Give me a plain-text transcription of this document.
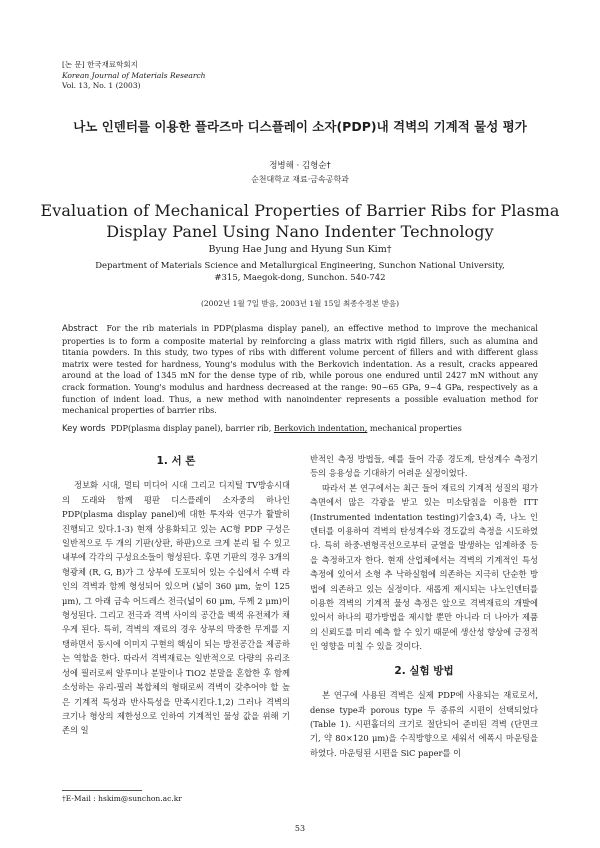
[논 문] 한국재료학회지
Korean Journal of Materials Research
Vol. 13, No. 1 (2003)
나노 인덴터를 이용한 플라즈마 디스플레이 소자(PDP)내 격벽의 기계적 물성 평가
정병해 · 김형순†
순천대학교 재료·금속공학과
Evaluation of Mechanical Properties of Barrier Ribs for Plasma Display Panel Using Nano Indenter Technology
Byung Hae Jung and Hyung Sun Kim†
Department of Materials Science and Metallurgical Engineering, Sunchon National University,
#315, Maegok-dong, Sunchon. 540-742
(2002년 1월 7일 받음, 2003년 1월 15일 최종수정본 받음)
Abstract For the rib materials in PDP(plasma display panel), an effective method to improve the mechanical properties is to form a composite material by reinforcing a glass matrix with rigid fillers, such as alumina and titania powders. In this study, two types of ribs with different volume percent of fillers and with different glass matrix were tested for hardness, Young's modulus with the Berkovich indentation. As a result, cracks appeared around at the load of 1345 mN for the dense type of rib, while porous one endured until 2427 mN without any crack formation. Young's modulus and hardness decreased at the range: 90~65 GPa, 9~4 GPa, respectively as a function of indent load. Thus, a new method with nanoindenter represents a possible evaluation method for mechanical properties of barrier ribs.
Key words PDP(plasma display panel), barrier rib, Berkovich indentation, mechanical properties
1. 서 론

정보화 시대, 멀티 미디어 시대 그리고 디지털 TV방송시대의 도래와 함께 평판 디스플레이 소자중의 하나인 PDP(plasma display panel)에 대한 투자와 연구가 활발히 진행되고 있다.1-3) 현재 상용화되고 있는 AC형 PDP 구성은 일반적으로 두 개의 기판(상판, 하판)으로 크게 분리 될 수 있고 내부에 각각의 구성요소들이 형성된다. 후면 기판의 경우 3개의 형광체 (R, G, B)가 그 상부에 도포되어 있는 수십에서 수백 라인의 격벽과 함께 형성되어 있으며 (넓이 360 μm, 높이 125 μm), 그 아래 금속 어드레스 전극(넓이 60 μm, 두께 2 μm)이 형성된다. 그리고 전극과 격벽 사이의 공간을 백색 유전체가 채우게 된다. 특히, 격벽의 재료의 경우 상부의 막중한 무게를 지탱하면서 동시에 이미지 구현의 핵심이 되는 방전공간을 제공하는 역할을 한다. 따라서 격벽재료는 일반적으로 다량의 유리조성에 필러로써 알루미나 분말이나 TiO2 분말을 혼합한 후 함께 소성하는 유리-필러 복합체의 형태로써 격벽이 갖추어야 할 높은 기계적 특성과 반사특성을 만족시킨다.1,2) 그러나 격벽의 크기나 형상의 제한성으로 인하여 기계적인 물성 값을 위해 기존의 일

반적인 측정 방법들, 예를 들어 각종 경도계, 탄성계수 측정기 등의 응용성을 기대하기 어려운 실정이었다.

따라서 본 연구에서는 최근 들어 재료의 기계적 성질의 평가측면에서 많은 각광을 받고 있는 미소탐침을 이용한 ITT (Instrumented indentation testing)기술3,4) 즉, 나노 인덴터를 이용하여 격벽의 탄성계수와 경도값의 측정을 시도하였다. 특히 하중-변형곡선으로부터 균열을 발생하는 임계하중 등을 측정하고자 한다. 현재 산업체에서는 격벽의 기계적인 특성측정에 있어서 소형 추 낙하실험에 의존하는 지극히 단순한 방법에 의존하고 있는 실정이다. 새롭게 제시되는 나노인덴터를 이용한 격벽의 기계적 물성 측정은 앞으로 격벽재료의 개발에 있어서 하나의 평가방법을 제시할 뿐만 아니라 더 나아가 제품의 신뢰도를 미리 예측 할 수 있기 때문에 생산성 향상에 긍정적인 영향을 미칠 수 있을 것이다.

2. 실험 방법

본 연구에 사용된 격벽은 실제 PDP에 사용되는 재료로서, dense type과 porous type 두 종류의 시편이 선택되었다(Table 1). 시편홀더의 크기로 절단되어 준비된 격벽 (단면크기, 약 80×120 μm)을 수직방향으로 세워서 에폭시 마운팅을 하였다. 마운팅된 시편을 SiC paper를 이

†E-Mail : hskim@sunchon.ac.kr
53
